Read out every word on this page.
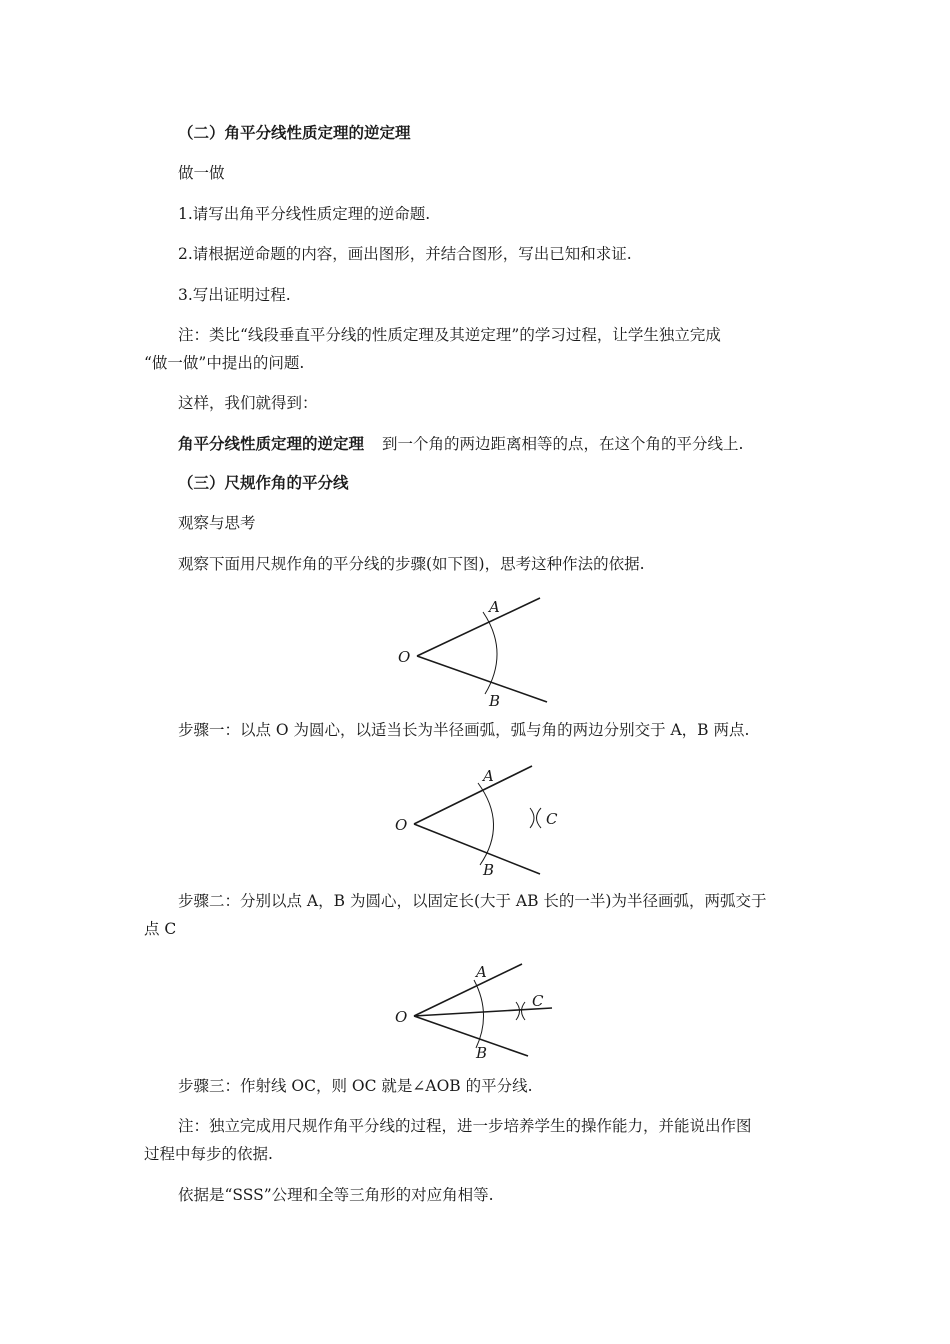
（二）角平分线性质定理的逆定理
做一做
1.请写出角平分线性质定理的逆命题.
2.请根据逆命题的内容，画出图形，并结合图形，写出已知和求证.
3.写出证明过程.
注：类比“线段垂直平分线的性质定理及其逆定理”的学习过程，让学生独立完成
“做一做”中提出的问题.
这样，我们就得到：
角平分线性质定理的逆定理 到一个角的两边距离相等的点，在这个角的平分线上.
（三）尺规作角的平分线
观察与思考
观察下面用尺规作角的平分线的步骤(如下图)，思考这种作法的依据.
O
A
B
步骤一：以点 O 为圆心，以适当长为半径画弧，弧与角的两边分别交于 A，B 两点.
O
A
B
C
步骤二：分别以点 A，B 为圆心，以固定长(大于 AB 长的一半)为半径画弧，两弧交于
点 C
O
A
B
C
步骤三：作射线 OC，则 OC 就是∠AOB 的平分线.
注：独立完成用尺规作角平分线的过程，进一步培养学生的操作能力，并能说出作图
过程中每步的依据.
依据是“SSS”公理和全等三角形的对应角相等.
